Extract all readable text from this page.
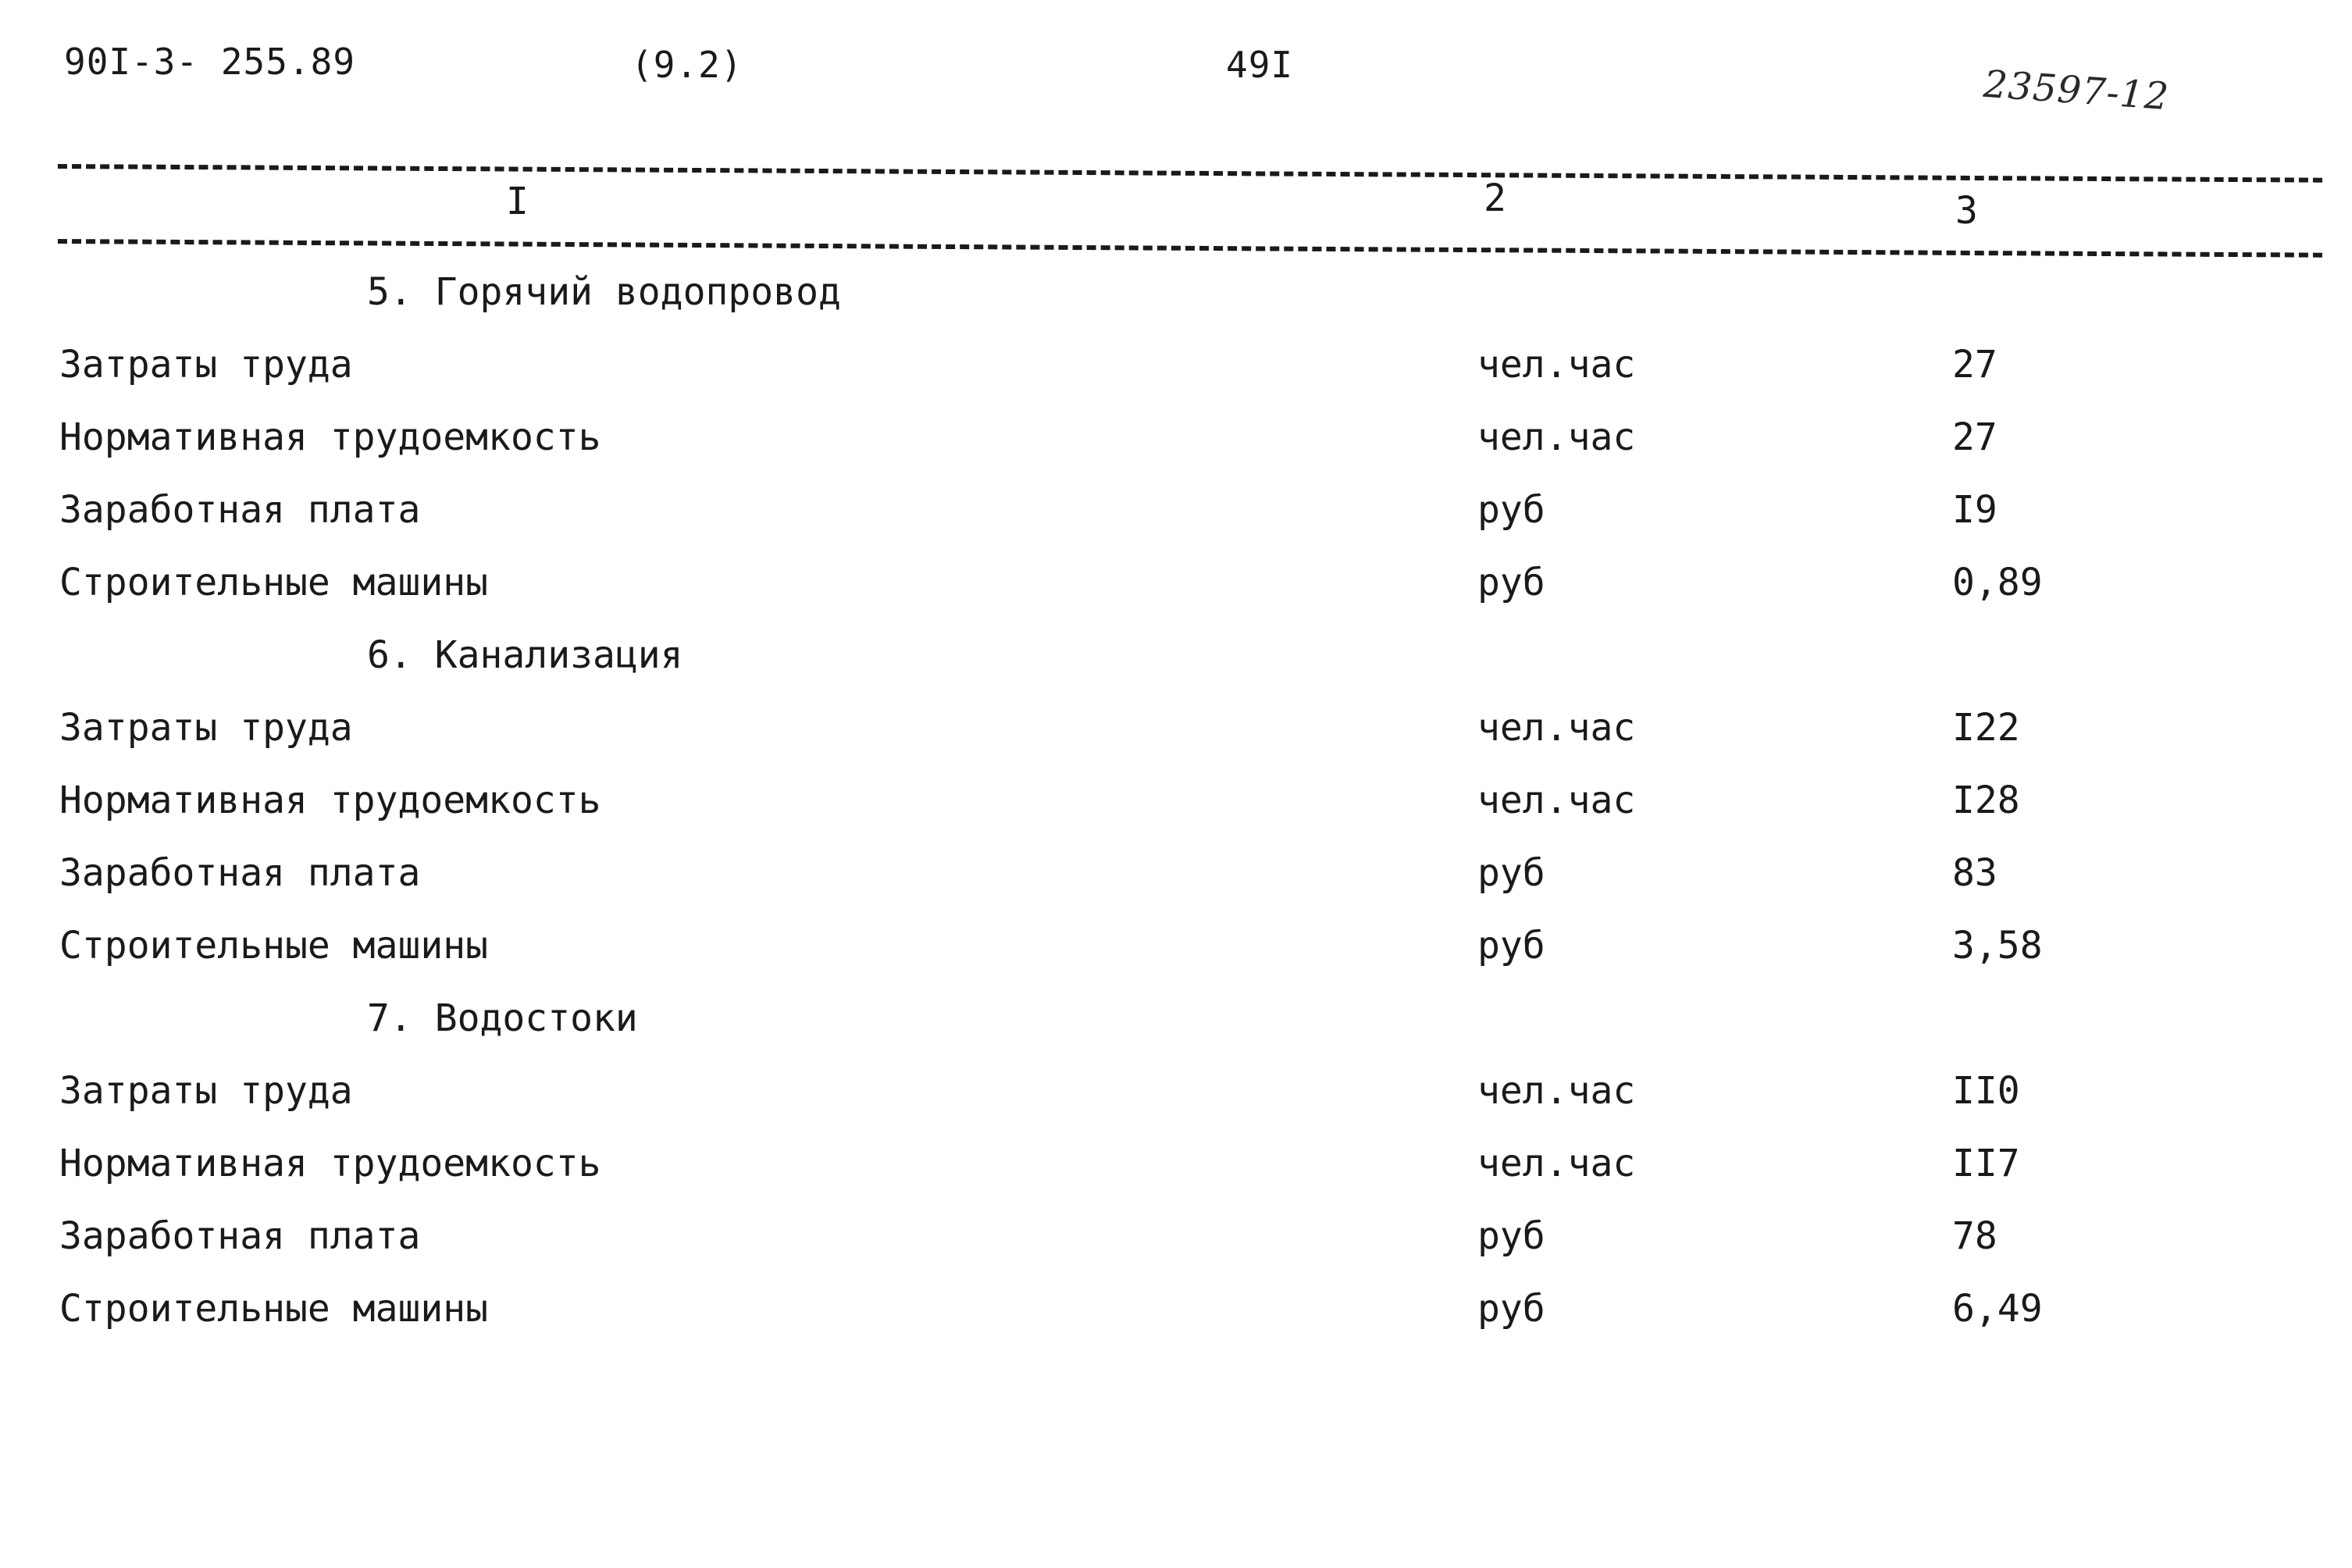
90I-3- 255.89	(9.2)	49I	23597-12
I	2	3
5. Горячий водопровод
Затраты труда	чел.час	27
Нормативная трудоемкость	чел.час	27
Заработная плата	руб	I9
Строительные машины	руб	0,89
6. Канализация
Затраты труда	чел.час	I22
Нормативная трудоемкость	чел.час	I28
Заработная плата	руб	83
Строительные машины	руб	3,58
7. Водостоки
Затраты труда	чел.час	II0
Нормативная трудоемкость	чел.час	II7
Заработная плата	руб	78
Строительные машины	руб	6,49
